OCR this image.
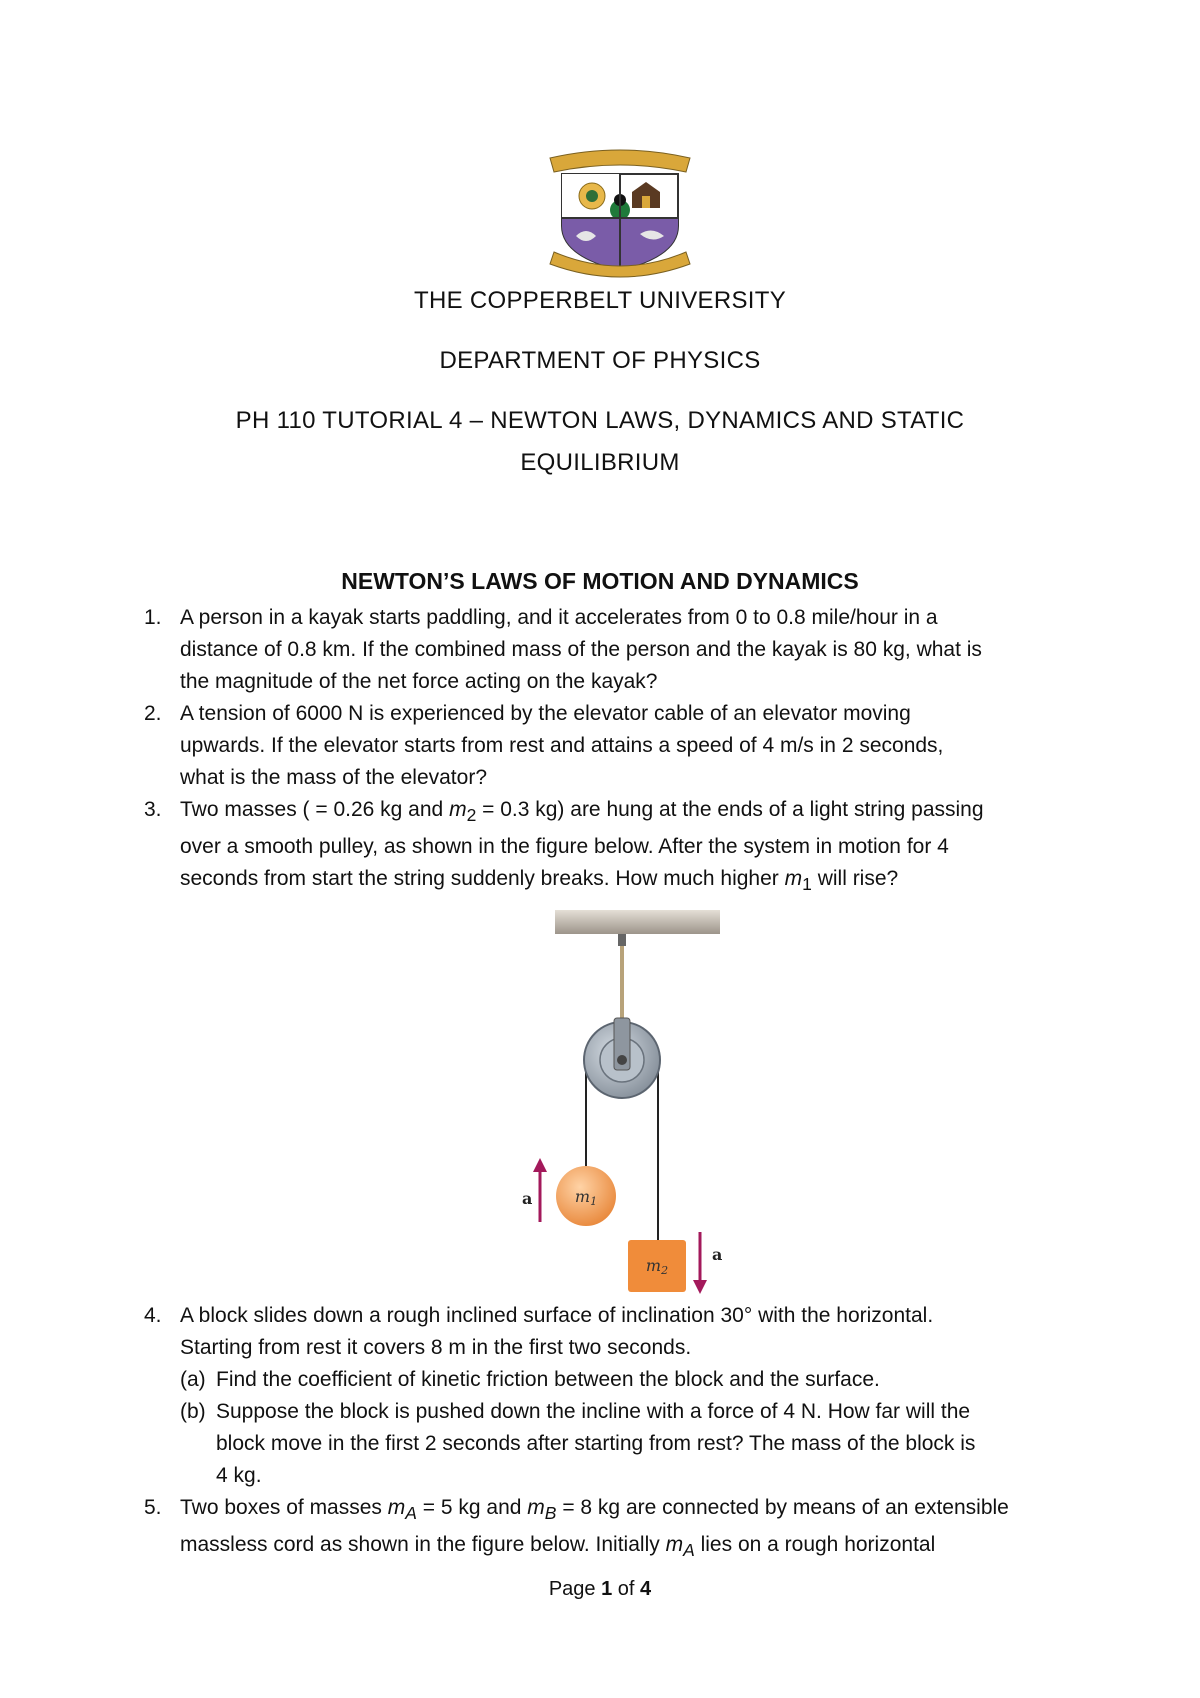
THE COPPERBELT UNIVERSITY
DEPARTMENT OF PHYSICS
PH 110 TUTORIAL 4 – NEWTON LAWS, DYNAMICS AND STATIC
EQUILIBRIUM
NEWTON’S LAWS OF MOTION AND DYNAMICS
1. A person in a kayak starts paddling, and it accelerates from 0 to 0.8 mile/hour in a
distance of 0.8 km. If the combined mass of the person and the kayak is 80 kg, what is
the magnitude of the net force acting on the kayak?
2. A tension of 6000 N is experienced by the elevator cable of an elevator moving
upwards. If the elevator starts from rest and attains a speed of 4 m/s in 2 seconds,
what is the mass of the elevator?
3. Two masses ( = 0.26 kg and $m_2 = 0.3$ kg) are hung at the ends of a light string passing
over a smooth pulley, as shown in the figure below. After the system in motion for 4
seconds from start the string suddenly breaks. How much higher $m_1$ will rise?
m1
m2
a
a
4. A block slides down a rough inclined surface of inclination 30° with the horizontal.
Starting from rest it covers 8 m in the first two seconds.
(a) Find the coefficient of kinetic friction between the block and the surface.
(b) Suppose the block is pushed down the incline with a force of 4 N. How far will the
block move in the first 2 seconds after starting from rest? The mass of the block is
4 kg.
5. Two boxes of masses $m_A = 5$ kg and $m_B = 8$ kg are connected by means of an extensible
massless cord as shown in the figure below. Initially $m_A$ lies on a rough horizontal
Page 1 of 4
